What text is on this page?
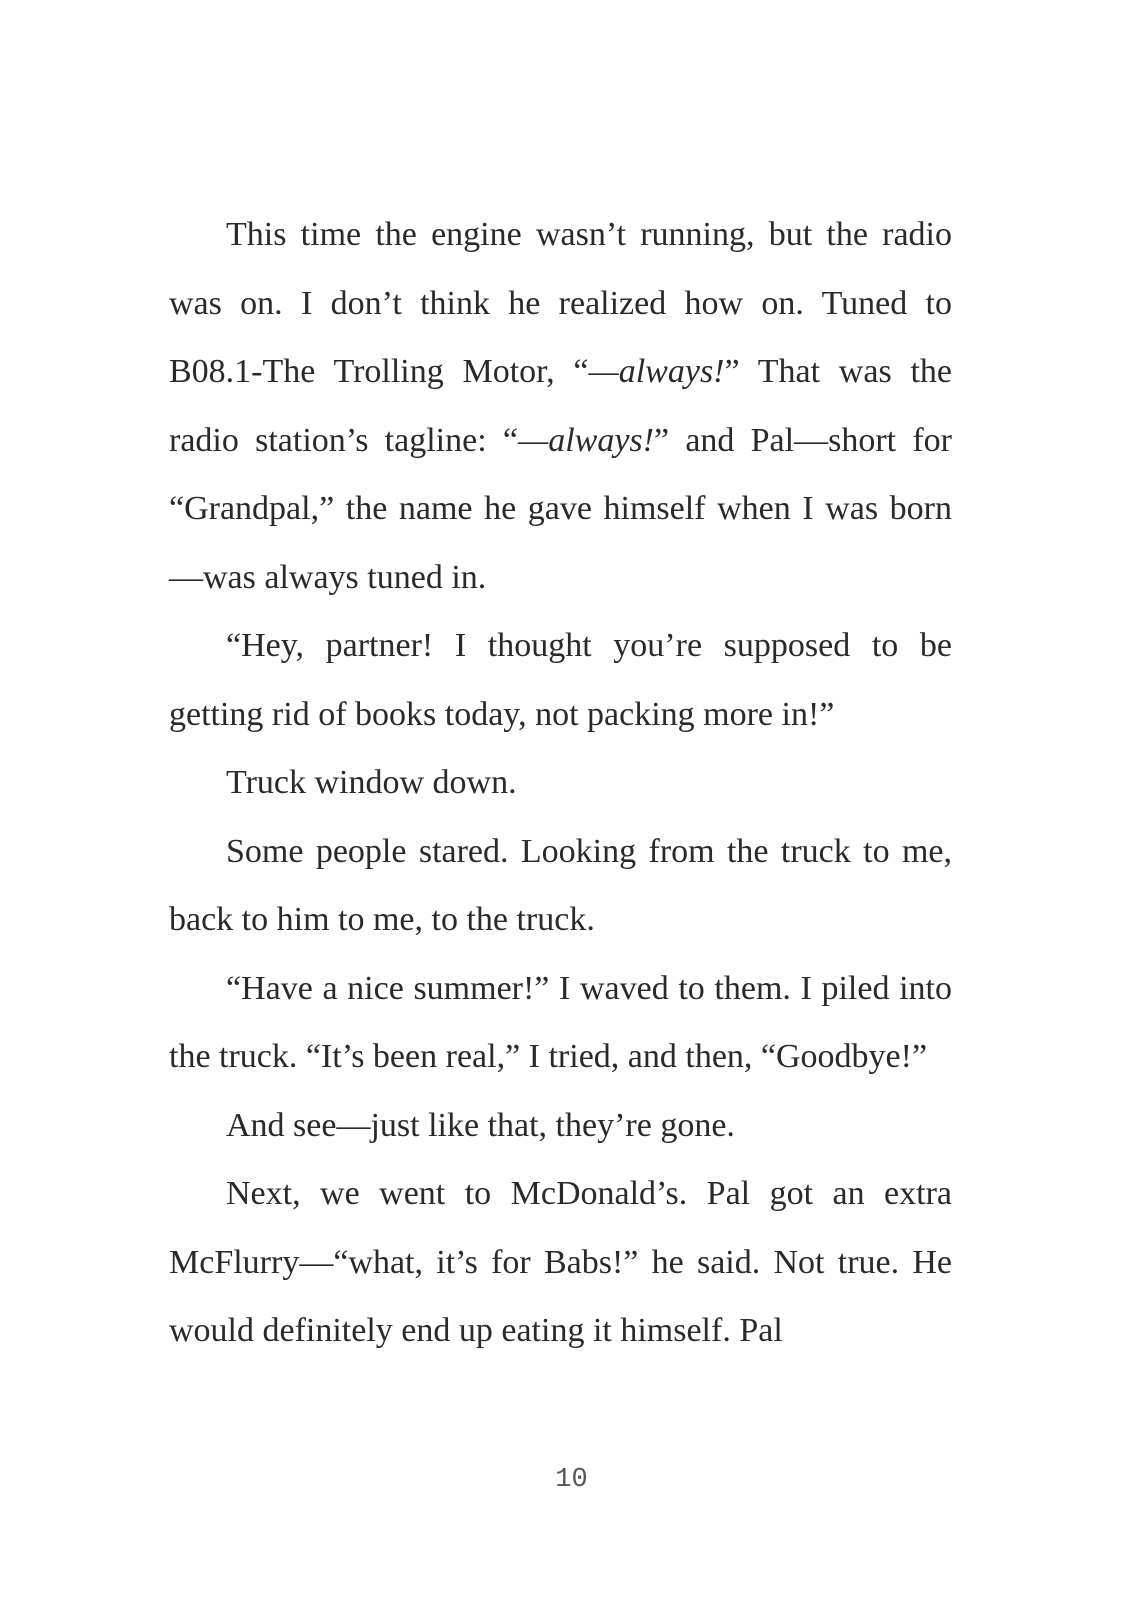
This time the engine wasn’t running, but the radio was on. I don’t think he realized how on. Tuned to B08.1-The Trolling Motor, “—always!” That was the radio station’s tagline: “—always!” and Pal—short for “Grandpal,” the name he gave himself when I was born—was always tuned in.

“Hey, partner! I thought you’re supposed to be getting rid of books today, not packing more in!”

Truck window down.

Some people stared. Looking from the truck to me, back to him to me, to the truck.

“Have a nice summer!” I waved to them. I piled into the truck. “It’s been real,” I tried, and then, “Goodbye!”

And see—just like that, they’re gone.

Next, we went to McDonald’s. Pal got an extra McFlurry—“what, it’s for Babs!” he said. Not true. He would definitely end up eating it himself. Pal

10
